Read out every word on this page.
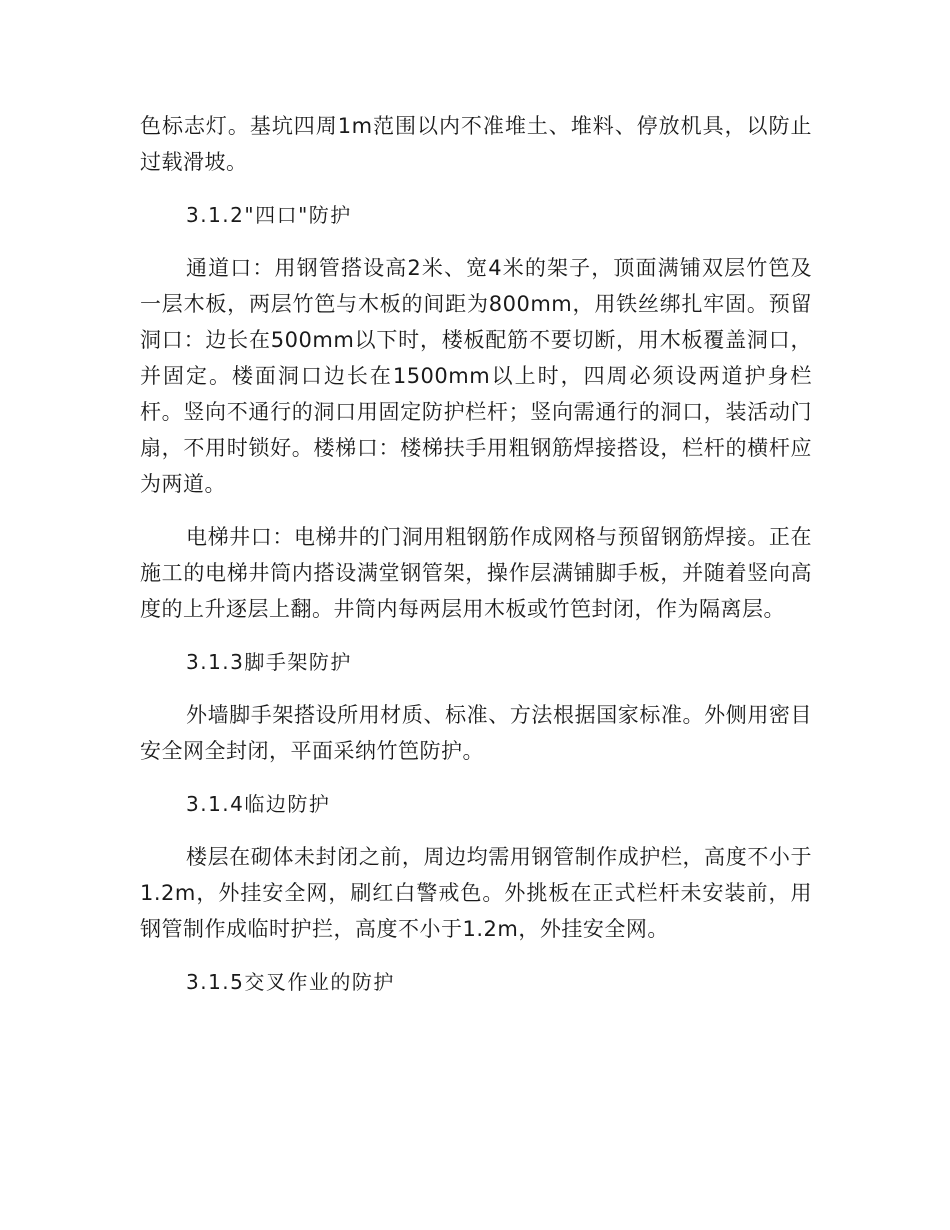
色标志灯。基坑四周1m范围以内不准堆土、堆料、停放机具，以防止过载滑坡。

3.1.2"四口"防护

通道口：用钢管搭设高2米、宽4米的架子，顶面满铺双层竹笆及一层木板，两层竹笆与木板的间距为800mm，用铁丝绑扎牢固。预留洞口：边长在500mm以下时，楼板配筋不要切断，用木板覆盖洞口，并固定。楼面洞口边长在1500mm以上时，四周必须设两道护身栏杆。竖向不通行的洞口用固定防护栏杆；竖向需通行的洞口，装活动门扇，不用时锁好。楼梯口：楼梯扶手用粗钢筋焊接搭设，栏杆的横杆应为两道。

电梯井口：电梯井的门洞用粗钢筋作成网格与预留钢筋焊接。正在施工的电梯井筒内搭设满堂钢管架，操作层满铺脚手板，并随着竖向高度的上升逐层上翻。井筒内每两层用木板或竹笆封闭，作为隔离层。

3.1.3脚手架防护

外墙脚手架搭设所用材质、标准、方法根据国家标准。外侧用密目安全网全封闭，平面采纳竹笆防护。

3.1.4临边防护

楼层在砌体未封闭之前，周边均需用钢管制作成护栏，高度不小于1.2m，外挂安全网，刷红白警戒色。外挑板在正式栏杆未安装前，用钢管制作成临时护拦，高度不小于1.2m，外挂安全网。

3.1.5交叉作业的防护
